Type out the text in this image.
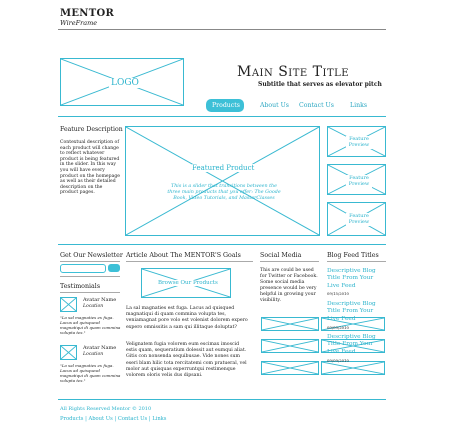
MENTOR
WireFrame
LOGO
Main Site Title
Subtitle that serves as elevator pitch
Products	About Us Contact Us	Links
Feature Description
Contextual description of each product will change to reflect whatever product is being featured in the slider. In this way you will have every product on the homepage as well as their detailed description on the product pages.
Featured Product
This is a slider that transitions between the three main products that you offer: The Goode Book, Video Tutorials, and MasterClasses
Feature Preview
Feature Preview
Feature Preview
Get Our Newsletter
Testimonials
Avatar Name
Location
"Lo sal magnaties ex fuga. Lacus ad quisquesd magnatiqui di quam commina volupta tes."
Avatar Name
Location
"Lo sal magnaties ex fuga. Lacus ad quisquesd magnatiqui di quam commina volupta tes."
Article About The MENTOR'S Goals
Browse Our Products
La sal magnaties est fuga. Lacus ad quisqued magnatiqui di quam commina volupta tes, veniamagnat pore volo est volenist dolorem expero expero omnissitis a sam qui illitaque doluptat?
Velignatem fugia volorem eum escimax imoscid estis quam, sequeratium dolessit aut eumqui aliat. Gitis con nonsenda sequibusae. Vide nones sum eseri blam hilic tota rercitatemi com pratueral, vel molor aut quisquas experruntqui restimenque volorem oloris velis dus dipsani.
Social Media
This are could be used for Twitter or Facebook. Some social media presence would be very helpful in growing your visibility.
Blog Feed Titles
Descriptive Blog Title From Your Live Feed
09/15/2010
Descriptive Blog Title From Your Live Feed
09/09/2010
Descriptive Blog Title From Your Live Feed
09/09/2010
All Rights Reserved Mentor © 2010
Products | About Us | Contact Us | Links
